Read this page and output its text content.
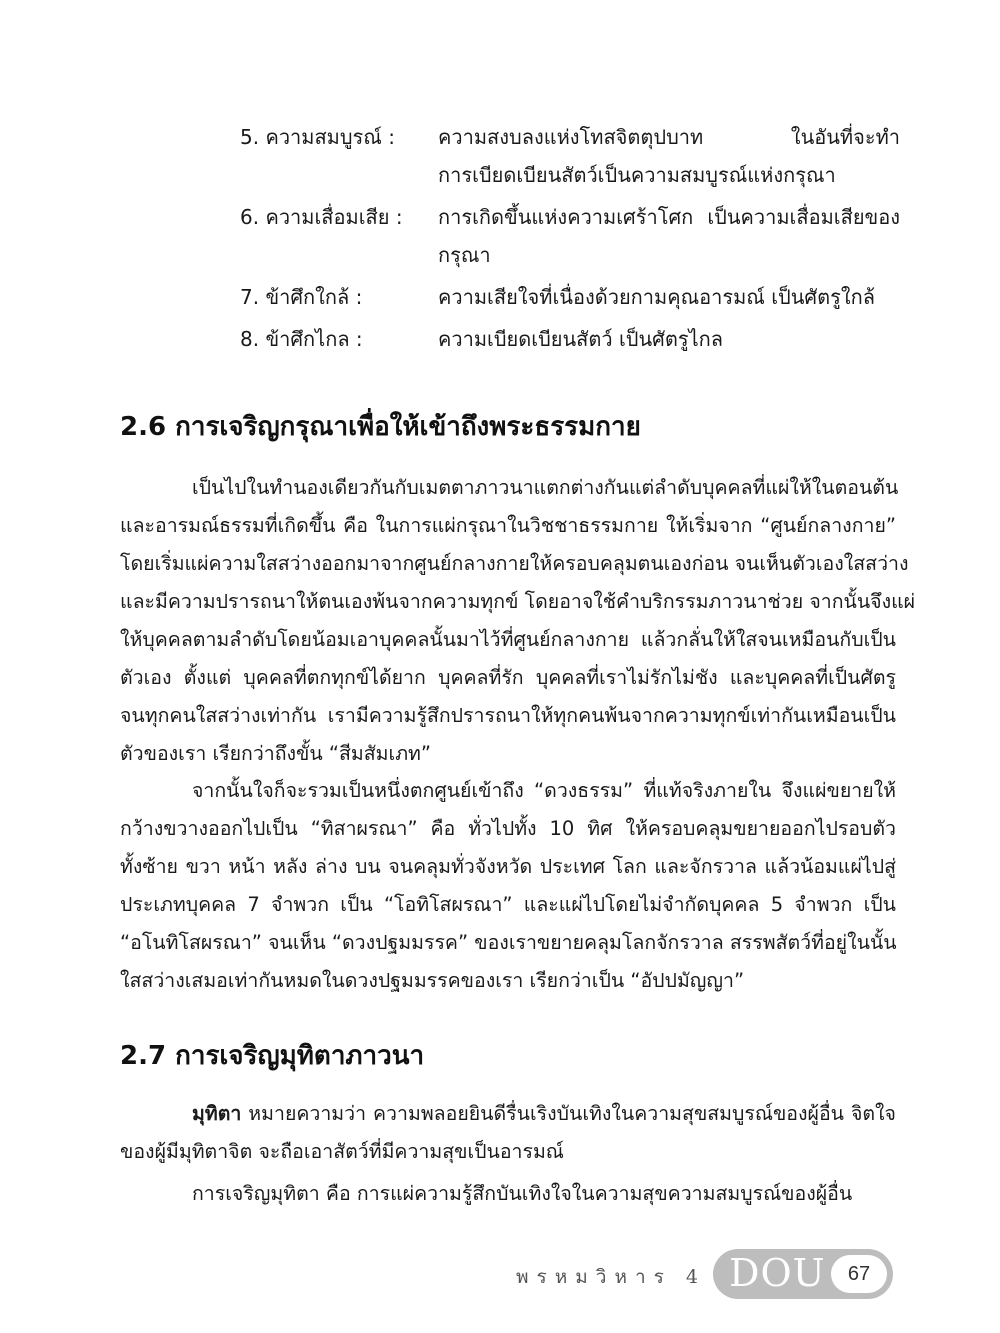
5. ความสมบูรณ์ :	ความสงบลงแห่งโทสจิตตุปบาท ในอันที่จะทำ
การเบียดเบียนสัตว์เป็นความสมบูรณ์แห่งกรุณา
6. ความเสื่อมเสีย :	การเกิดขึ้นแห่งความเศร้าโศก เป็นความเสื่อมเสียของ
กรุณา
7. ข้าศึกใกล้ :	ความเสียใจที่เนื่องด้วยกามคุณอารมณ์ เป็นศัตรูใกล้
8. ข้าศึกไกล :	ความเบียดเบียนสัตว์ เป็นศัตรูไกล
2.6 การเจริญกรุณาเพื่อให้เข้าถึงพระธรรมกาย
เป็นไปในทำนองเดียวกันกับเมตตาภาวนาแตกต่างกันแต่ลำดับบุคคลที่แผ่ให้ในตอนต้น
และอารมณ์ธรรมที่เกิดขึ้น คือ ในการแผ่กรุณาในวิชชาธรรมกาย ให้เริ่มจาก “ศูนย์กลางกาย”
โดยเริ่มแผ่ความใสสว่างออกมาจากศูนย์กลางกายให้ครอบคลุมตนเองก่อน จนเห็นตัวเองใสสว่าง
และมีความปรารถนาให้ตนเองพ้นจากความทุกข์ โดยอาจใช้คำบริกรรมภาวนาช่วย จากนั้นจึงแผ่
ให้บุคคลตามลำดับโดยน้อมเอาบุคคลนั้นมาไว้ที่ศูนย์กลางกาย แล้วกลั่นให้ใสจนเหมือนกับเป็น
ตัวเอง ตั้งแต่ บุคคลที่ตกทุกข์ได้ยาก บุคคลที่รัก บุคคลที่เราไม่รักไม่ชัง และบุคคลที่เป็นศัตรู
จนทุกคนใสสว่างเท่ากัน เรามีความรู้สึกปรารถนาให้ทุกคนพ้นจากความทุกข์เท่ากันเหมือนเป็น
ตัวของเรา เรียกว่าถึงขั้น “สีมสัมเภท”
จากนั้นใจก็จะรวมเป็นหนึ่งตกศูนย์เข้าถึง “ดวงธรรม” ที่แท้จริงภายใน จึงแผ่ขยายให้
กว้างขวางออกไปเป็น “ทิสาผรณา” คือ ทั่วไปทั้ง 10 ทิศ ให้ครอบคลุมขยายออกไปรอบตัว
ทั้งซ้าย ขวา หน้า หลัง ล่าง บน จนคลุมทั่วจังหวัด ประเทศ โลก และจักรวาล แล้วน้อมแผ่ไปสู่
ประเภทบุคคล 7 จำพวก เป็น “โอทิโสผรณา” และแผ่ไปโดยไม่จำกัดบุคคล 5 จำพวก เป็น
“อโนทิโสผรณา” จนเห็น “ดวงปฐมมรรค” ของเราขยายคลุมโลกจักรวาล สรรพสัตว์ที่อยู่ในนั้น
ใสสว่างเสมอเท่ากันหมดในดวงปฐมมรรคของเรา เรียกว่าเป็น “อัปปมัญญา”
2.7 การเจริญมุทิตาภาวนา
มุทิตา หมายความว่า ความพลอยยินดีรื่นเริงบันเทิงในความสุขสมบูรณ์ของผู้อื่น จิตใจ
ของผู้มีมุทิตาจิต จะถือเอาสัตว์ที่มีความสุขเป็นอารมณ์
การเจริญมุทิตา คือ การแผ่ความรู้สึกบันเทิงใจในความสุขความสมบูรณ์ของผู้อื่น
พรหมวิหาร 4 DOU	67
